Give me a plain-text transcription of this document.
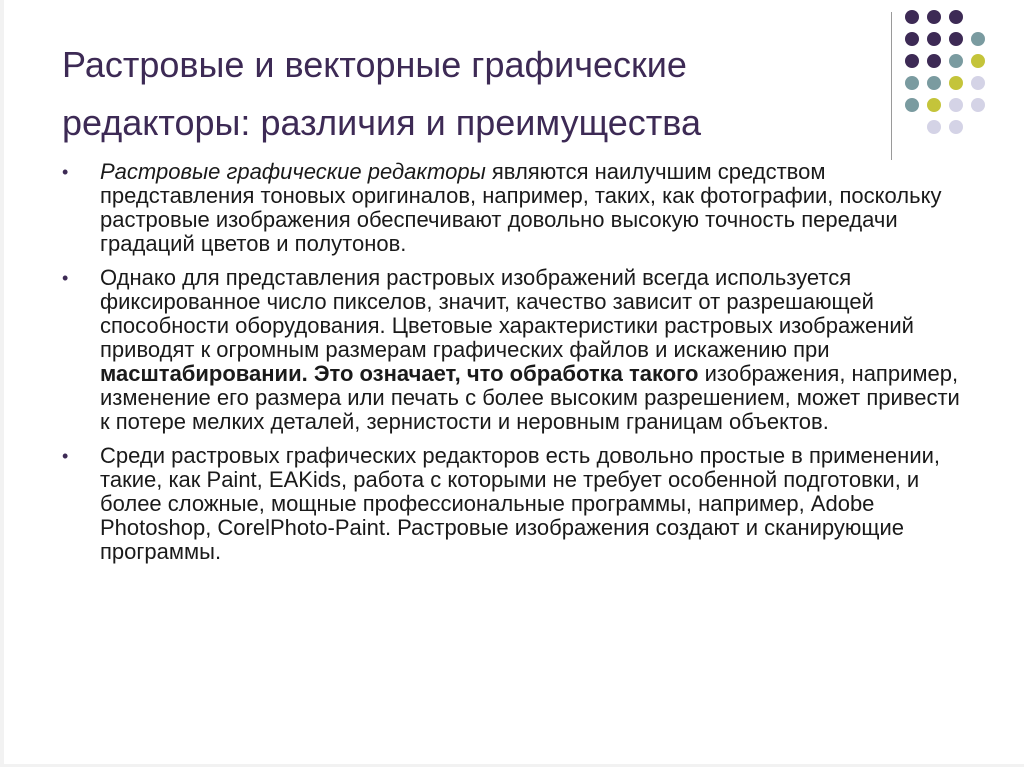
Растровые и векторные графические
редакторы: различия и преимущества
• Растровые графические редакторы являются наилучшим средством представления тоновых оригиналов, например, таких, как фотографии, поскольку растровые изображения обеспечивают довольно высокую точность передачи градаций цветов и полутонов.
• Однако для представления растровых изображений всегда используется фиксированное число пикселов, значит, качество зависит от разрешающей способности оборудования. Цветовые характеристики растровых изображений приводят к огромным размерам графических файлов и искажению при масштабировании. Это означает, что обработка такого изображения, например, изменение его размера или печать с более высоким разрешением, может привести к потере мелких деталей, зернистости и неровным границам объектов.
• Среди растровых графических редакторов есть довольно простые в применении, такие, как Paint, EAKids, работа с которыми не требует особенной подготовки, и более сложные, мощные профессиональные программы, например, Adobe Photoshop, CorelPhoto-Paint. Растровые изображения создают и сканирующие программы.
